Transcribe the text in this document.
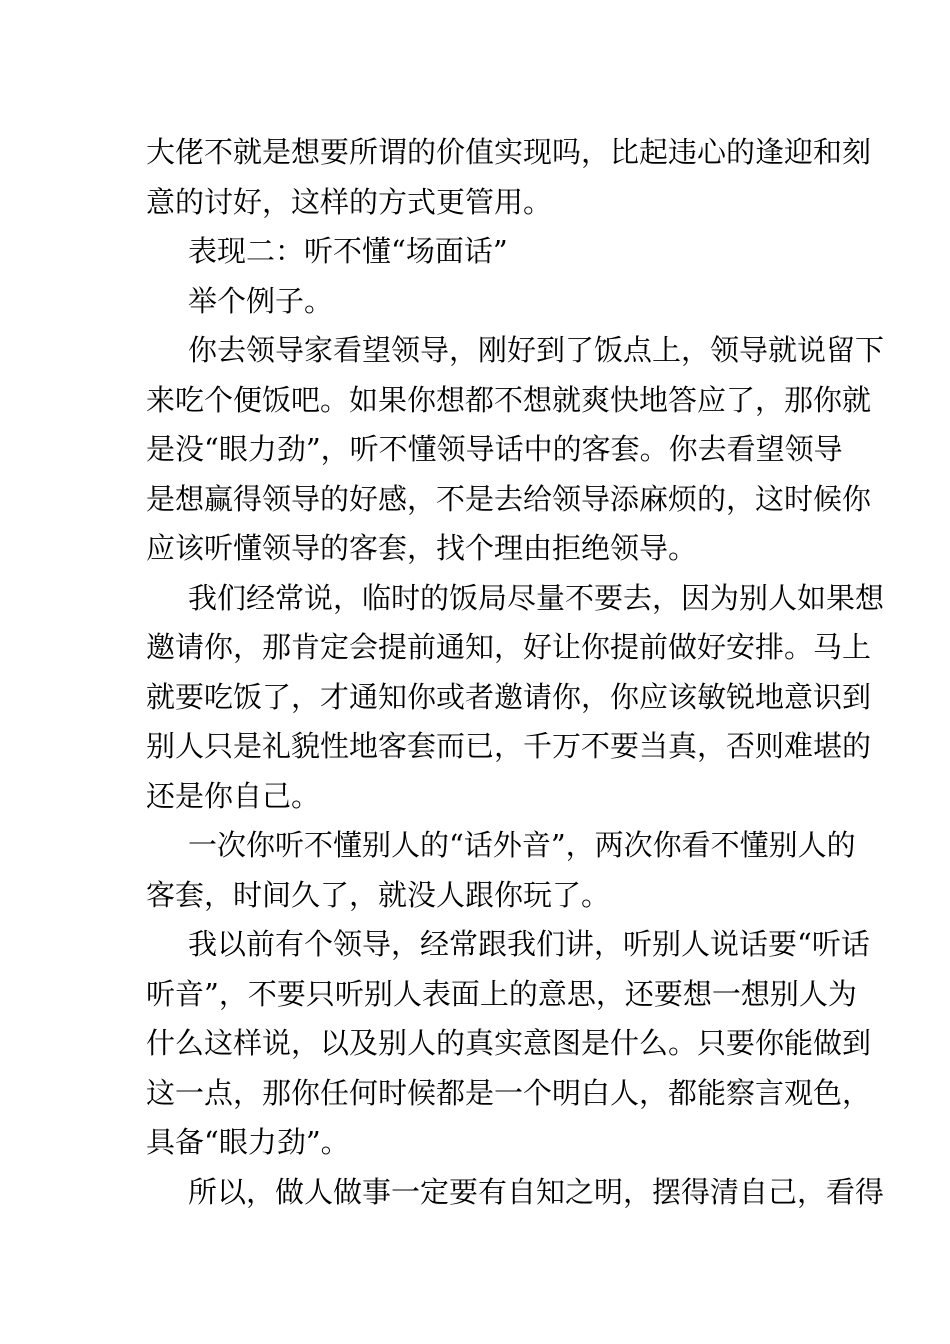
大佬不就是想要所谓的价值实现吗，比起违心的逢迎和刻
意的讨好，这样的方式更管用。

表现二：听不懂“场面话”

举个例子。

你去领导家看望领导，刚好到了饭点上，领导就说留下
来吃个便饭吧。如果你想都不想就爽快地答应了，那你就
是没“眼力劲”，听不懂领导话中的客套。你去看望领导
是想赢得领导的好感，不是去给领导添麻烦的，这时候你
应该听懂领导的客套，找个理由拒绝领导。

我们经常说，临时的饭局尽量不要去，因为别人如果想
邀请你，那肯定会提前通知，好让你提前做好安排。马上
就要吃饭了，才通知你或者邀请你，你应该敏锐地意识到
别人只是礼貌性地客套而已，千万不要当真，否则难堪的
还是你自己。

一次你听不懂别人的“话外音”，两次你看不懂别人的
客套，时间久了，就没人跟你玩了。

我以前有个领导，经常跟我们讲，听别人说话要“听话
听音”，不要只听别人表面上的意思，还要想一想别人为
什么这样说，以及别人的真实意图是什么。只要你能做到
这一点，那你任何时候都是一个明白人，都能察言观色，
具备“眼力劲”。

所以，做人做事一定要有自知之明，摆得清自己，看得
